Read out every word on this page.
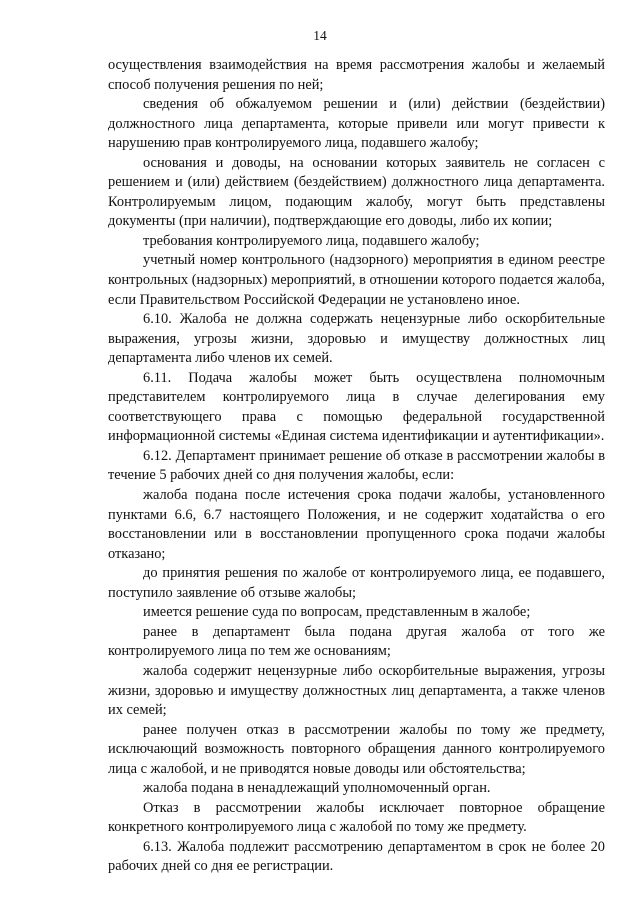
14

осуществления взаимодействия на время рассмотрения жалобы и желаемый способ получения решения по ней;

сведения об обжалуемом решении и (или) действии (бездействии) должностного лица департамента, которые привели или могут привести к нарушению прав контролируемого лица, подавшего жалобу;

основания и доводы, на основании которых заявитель не согласен с решением и (или) действием (бездействием) должностного лица департамента. Контролируемым лицом, подающим жалобу, могут быть представлены документы (при наличии), подтверждающие его доводы, либо их копии;

требования контролируемого лица, подавшего жалобу;

учетный номер контрольного (надзорного) мероприятия в едином реестре контрольных (надзорных) мероприятий, в отношении которого подается жалоба, если Правительством Российской Федерации не установлено иное.

6.10. Жалоба не должна содержать нецензурные либо оскорбительные выражения, угрозы жизни, здоровью и имуществу должностных лиц департамента либо членов их семей.

6.11. Подача жалобы может быть осуществлена полномочным представителем контролируемого лица в случае делегирования ему соответствующего права с помощью федеральной государственной информационной системы «Единая система идентификации и аутентификации».

6.12. Департамент принимает решение об отказе в рассмотрении жалобы в течение 5 рабочих дней со дня получения жалобы, если:

жалоба подана после истечения срока подачи жалобы, установленного пунктами 6.6, 6.7 настоящего Положения, и не содержит ходатайства о его восстановлении или в восстановлении пропущенного срока подачи жалобы отказано;

до принятия решения по жалобе от контролируемого лица, ее подавшего, поступило заявление об отзыве жалобы;

имеется решение суда по вопросам, представленным в жалобе;

ранее в департамент была подана другая жалоба от того же контролируемого лица по тем же основаниям;

жалоба содержит нецензурные либо оскорбительные выражения, угрозы жизни, здоровью и имуществу должностных лиц департамента, а также членов их семей;

ранее получен отказ в рассмотрении жалобы по тому же предмету, исключающий возможность повторного обращения данного контролируемого лица с жалобой, и не приводятся новые доводы или обстоятельства;

жалоба подана в ненадлежащий уполномоченный орган.

Отказ в рассмотрении жалобы исключает повторное обращение конкретного контролируемого лица с жалобой по тому же предмету.

6.13. Жалоба подлежит рассмотрению департаментом в срок не более 20 рабочих дней со дня ее регистрации.
